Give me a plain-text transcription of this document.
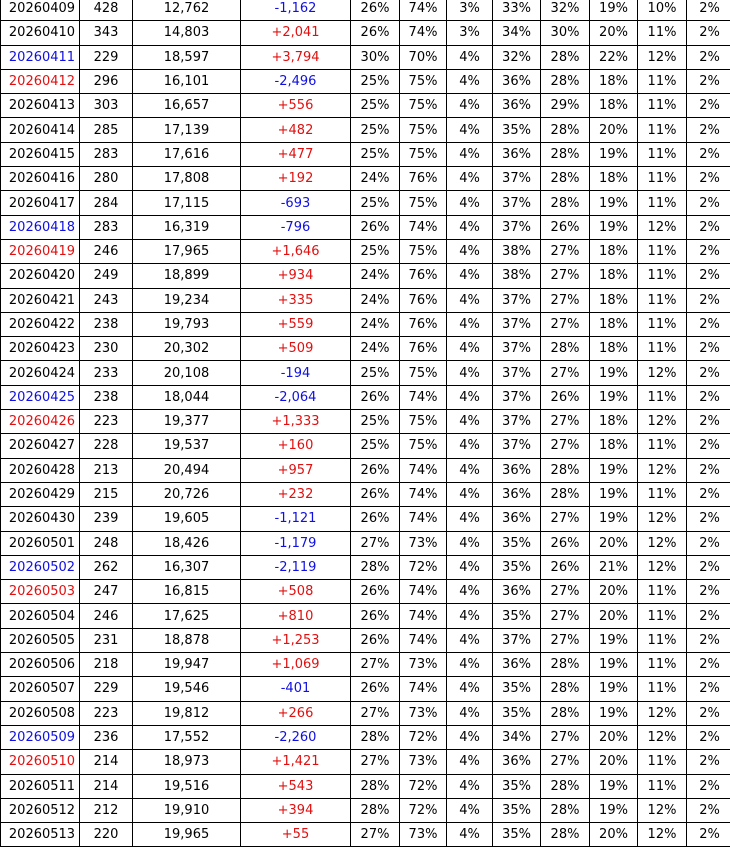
20260409	428	12,762	-1,162	26%	74%	3%	33%	32%	19%	10%	2%
20260410	343	14,803	+2,041	26%	74%	3%	34%	30%	20%	11%	2%
20260411	229	18,597	+3,794	30%	70%	4%	32%	28%	22%	12%	2%
20260412	296	16,101	-2,496	25%	75%	4%	36%	28%	18%	11%	2%
20260413	303	16,657	+556	25%	75%	4%	36%	29%	18%	11%	2%
20260414	285	17,139	+482	25%	75%	4%	35%	28%	20%	11%	2%
20260415	283	17,616	+477	25%	75%	4%	36%	28%	19%	11%	2%
20260416	280	17,808	+192	24%	76%	4%	37%	28%	18%	11%	2%
20260417	284	17,115	-693	25%	75%	4%	37%	28%	19%	11%	2%
20260418	283	16,319	-796	26%	74%	4%	37%	26%	19%	12%	2%
20260419	246	17,965	+1,646	25%	75%	4%	38%	27%	18%	11%	2%
20260420	249	18,899	+934	24%	76%	4%	38%	27%	18%	11%	2%
20260421	243	19,234	+335	24%	76%	4%	37%	27%	18%	11%	2%
20260422	238	19,793	+559	24%	76%	4%	37%	27%	18%	11%	2%
20260423	230	20,302	+509	24%	76%	4%	37%	28%	18%	11%	2%
20260424	233	20,108	-194	25%	75%	4%	37%	27%	19%	12%	2%
20260425	238	18,044	-2,064	26%	74%	4%	37%	26%	19%	11%	2%
20260426	223	19,377	+1,333	25%	75%	4%	37%	27%	18%	12%	2%
20260427	228	19,537	+160	25%	75%	4%	37%	27%	18%	11%	2%
20260428	213	20,494	+957	26%	74%	4%	36%	28%	19%	12%	2%
20260429	215	20,726	+232	26%	74%	4%	36%	28%	19%	11%	2%
20260430	239	19,605	-1,121	26%	74%	4%	36%	27%	19%	12%	2%
20260501	248	18,426	-1,179	27%	73%	4%	35%	26%	20%	12%	2%
20260502	262	16,307	-2,119	28%	72%	4%	35%	26%	21%	12%	2%
20260503	247	16,815	+508	26%	74%	4%	36%	27%	20%	11%	2%
20260504	246	17,625	+810	26%	74%	4%	35%	27%	20%	11%	2%
20260505	231	18,878	+1,253	26%	74%	4%	37%	27%	19%	11%	2%
20260506	218	19,947	+1,069	27%	73%	4%	36%	28%	19%	11%	2%
20260507	229	19,546	-401	26%	74%	4%	35%	28%	19%	11%	2%
20260508	223	19,812	+266	27%	73%	4%	35%	28%	19%	12%	2%
20260509	236	17,552	-2,260	28%	72%	4%	34%	27%	20%	12%	2%
20260510	214	18,973	+1,421	27%	73%	4%	36%	27%	20%	11%	2%
20260511	214	19,516	+543	28%	72%	4%	35%	28%	19%	11%	2%
20260512	212	19,910	+394	28%	72%	4%	35%	28%	19%	12%	2%
20260513	220	19,965	+55	27%	73%	4%	35%	28%	20%	12%	2%
